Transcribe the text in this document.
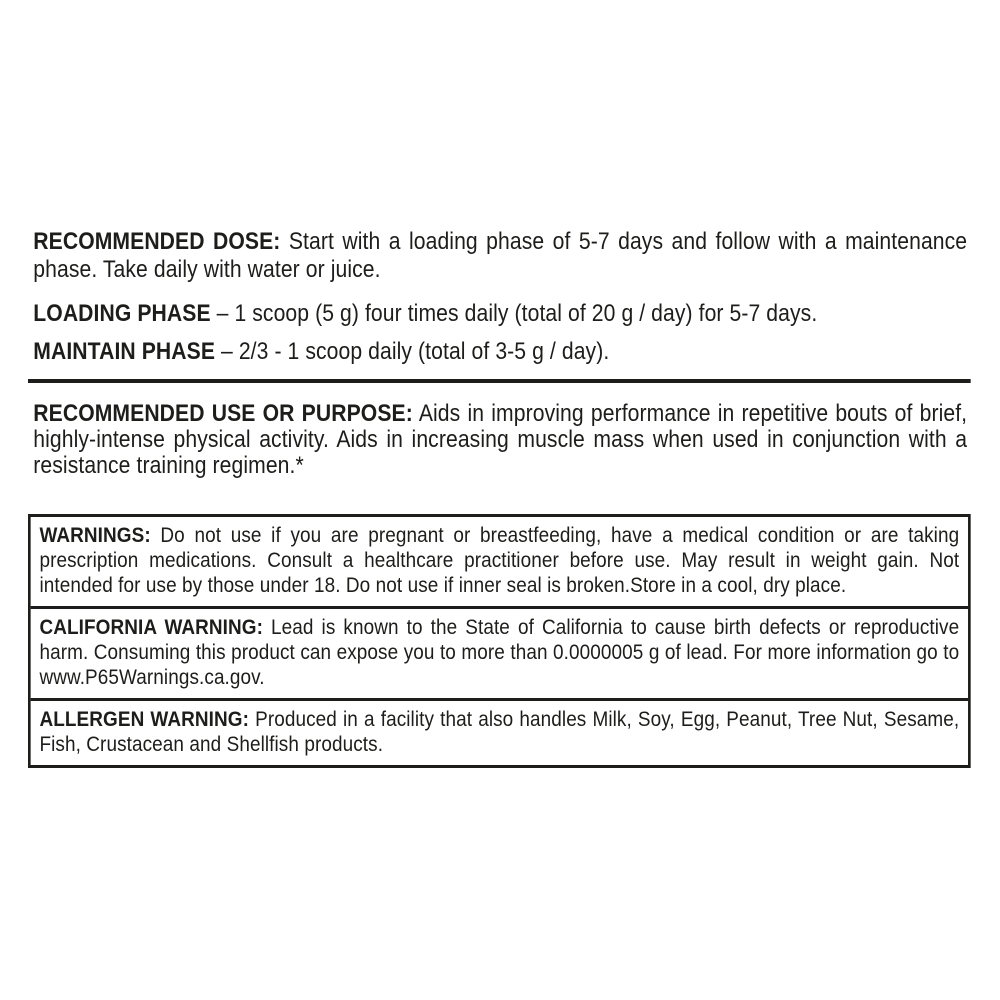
RECOMMENDED DOSE: Start with a loading phase of 5-7 days and follow with a maintenance phase. Take daily with water or juice.

LOADING PHASE – 1 scoop (5 g) four times daily (total of 20 g / day) for 5-7 days.

MAINTAIN PHASE – 2/3 - 1 scoop daily (total of 3-5 g / day).

RECOMMENDED USE OR PURPOSE: Aids in improving performance in repetitive bouts of brief, highly-intense physical activity. Aids in increasing muscle mass when used in conjunction with a resistance training regimen.*

WARNINGS: Do not use if you are pregnant or breastfeeding, have a medical condition or are taking prescription medications. Consult a healthcare practitioner before use. May result in weight gain. Not intended for use by those under 18. Do not use if inner seal is broken.Store in a cool, dry place.
CALIFORNIA WARNING: Lead is known to the State of California to cause birth defects or reproductive harm. Consuming this product can expose you to more than 0.0000005 g of lead. For more information go to www.P65Warnings.ca.gov.
ALLERGEN WARNING: Produced in a facility that also handles Milk, Soy, Egg, Peanut, Tree Nut, Sesame, Fish, Crustacean and Shellfish products.
